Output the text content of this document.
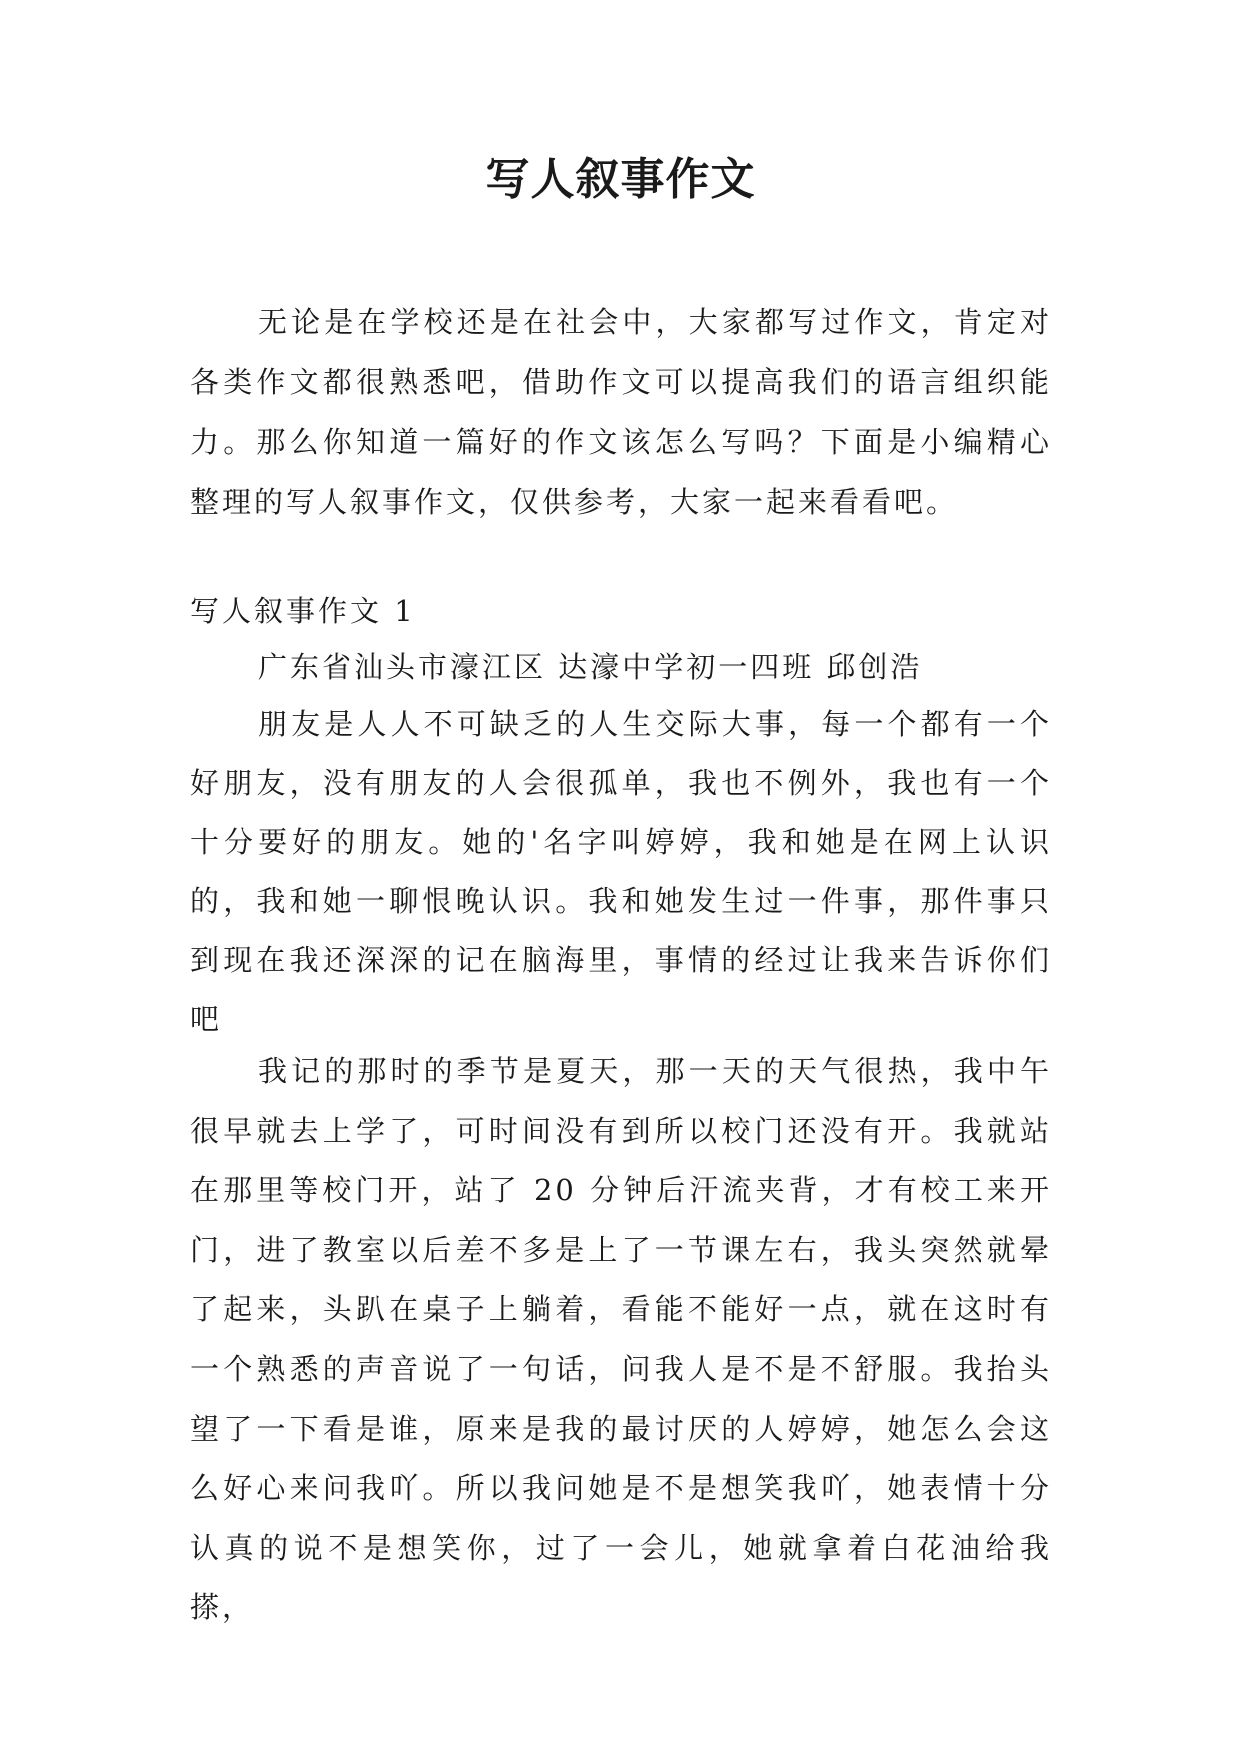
写人叙事作文

无论是在学校还是在社会中，大家都写过作文，肯定对各类作文都很熟悉吧，借助作文可以提高我们的语言组织能力。那么你知道一篇好的作文该怎么写吗？下面是小编精心整理的写人叙事作文，仅供参考，大家一起来看看吧。

写人叙事作文 1

广东省汕头市濠江区 达濠中学初一四班 邱创浩

朋友是人人不可缺乏的人生交际大事，每一个都有一个好朋友，没有朋友的人会很孤单，我也不例外，我也有一个十分要好的朋友。她的'名字叫婷婷，我和她是在网上认识的，我和她一聊恨晚认识。我和她发生过一件事，那件事只到现在我还深深的记在脑海里，事情的经过让我来告诉你们吧

我记的那时的季节是夏天，那一天的天气很热，我中午很早就去上学了，可时间没有到所以校门还没有开。我就站在那里等校门开，站了 20 分钟后汗流夹背，才有校工来开门，进了教室以后差不多是上了一节课左右，我头突然就晕了起来，头趴在桌子上躺着，看能不能好一点，就在这时有一个熟悉的声音说了一句话，问我人是不是不舒服。我抬头望了一下看是谁，原来是我的最讨厌的人婷婷，她怎么会这么好心来问我吖。所以我问她是不是想笑我吖，她表情十分认真的说不是想笑你，过了一会儿，她就拿着白花油给我搽，
